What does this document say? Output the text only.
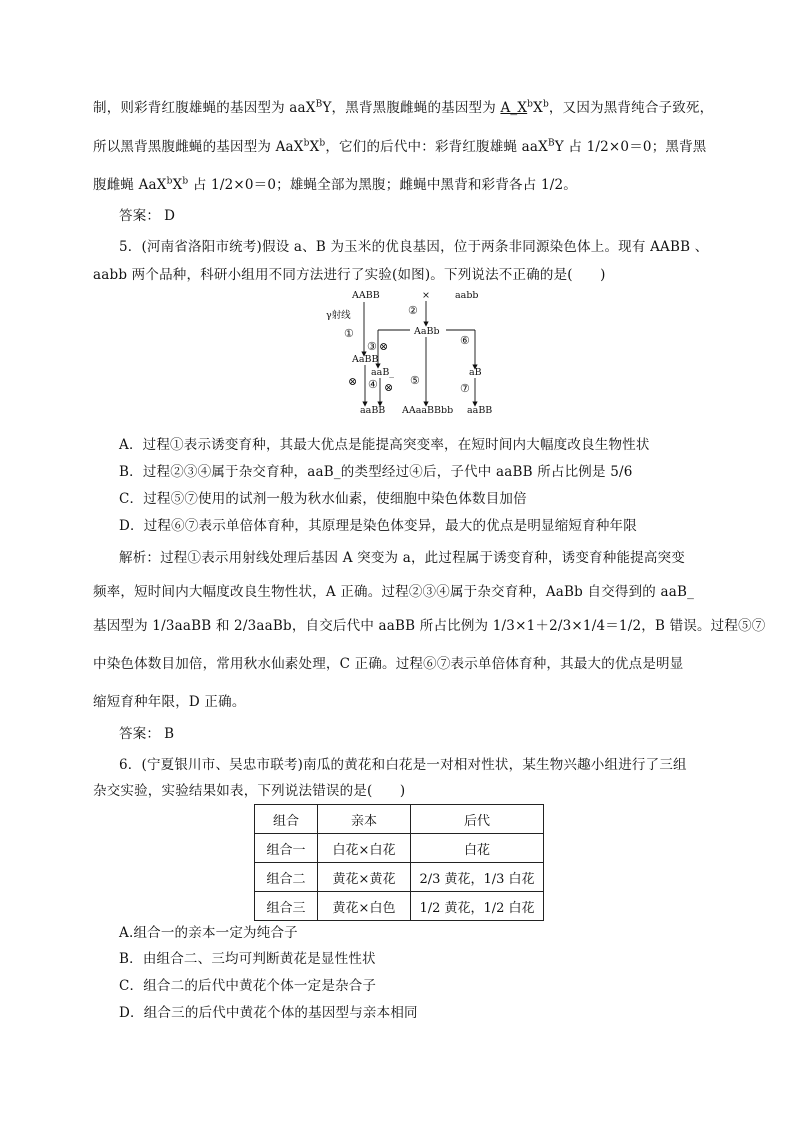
制，则彩背红腹雄蝇的基因型为 aaX$^B$Y，黑背黑腹雌蝇的基因型为 $A\_X^bX^b$，又因为黑背纯合子致死，
所以黑背黑腹雌蝇的基因型为 $AaX^bX^b$，它们的后代中：彩背红腹雄蝇 aaX$^B$Y 占 1/2×0＝0；黑背黑
腹雌蝇 $AaX^bX^b$ 占 1/2×0＝0；雄蝇全部为黑腹；雌蝇中黑背和彩背各占 1/2。
答案： D
5．(河南省洛阳市统考)假设 a、B 为玉米的优良基因，位于两条非同源染色体上。现有 AABB 、
aabb 两个品种，科研小组用不同方法进行了实验(如图)。下列说法不正确的是(　　)
AABB	×	aabb
γ射线
①
②
AaBb
③ ⊗	⑥
AaBB
aaB_	aB
⊗ ④ ⊗
⑤
⑦
aaBB AAaaBBbb aaBB
A．过程①表示诱变育种，其最大优点是能提高突变率，在短时间内大幅度改良生物性状
B．过程②③④属于杂交育种，aaB_的类型经过④后，子代中 aaBB 所占比例是 5/6
C．过程⑤⑦使用的试剂一般为秋水仙素，使细胞中染色体数目加倍
D．过程⑥⑦表示单倍体育种，其原理是染色体变异，最大的优点是明显缩短育种年限
解析：过程①表示用射线处理后基因 A 突变为 a，此过程属于诱变育种，诱变育种能提高突变
频率，短时间内大幅度改良生物性状，A 正确。过程②③④属于杂交育种，AaBb 自交得到的 aaB_
基因型为 1/3aaBB 和 2/3aaBb，自交后代中 aaBB 所占比例为 1/3×1＋2/3×1/4＝1/2，B 错误。过程⑤⑦
中染色体数目加倍，常用秋水仙素处理，C 正确。过程⑥⑦表示单倍体育种，其最大的优点是明显
缩短育种年限，D 正确。
答案： B
6．(宁夏银川市、吴忠市联考)南瓜的黄花和白花是一对相对性状，某生物兴趣小组进行了三组
杂交实验，实验结果如表，下列说法错误的是(　　)
组合	亲本	后代
组合一	白花×白花	白花
组合二	黄花×黄花	2/3 黄花，1/3 白花
组合三	黄花×白色	1/2 黄花，1/2 白花
A.组合一的亲本一定为纯合子
B．由组合二、三均可判断黄花是显性性状
C．组合二的后代中黄花个体一定是杂合子
D．组合三的后代中黄花个体的基因型与亲本相同
